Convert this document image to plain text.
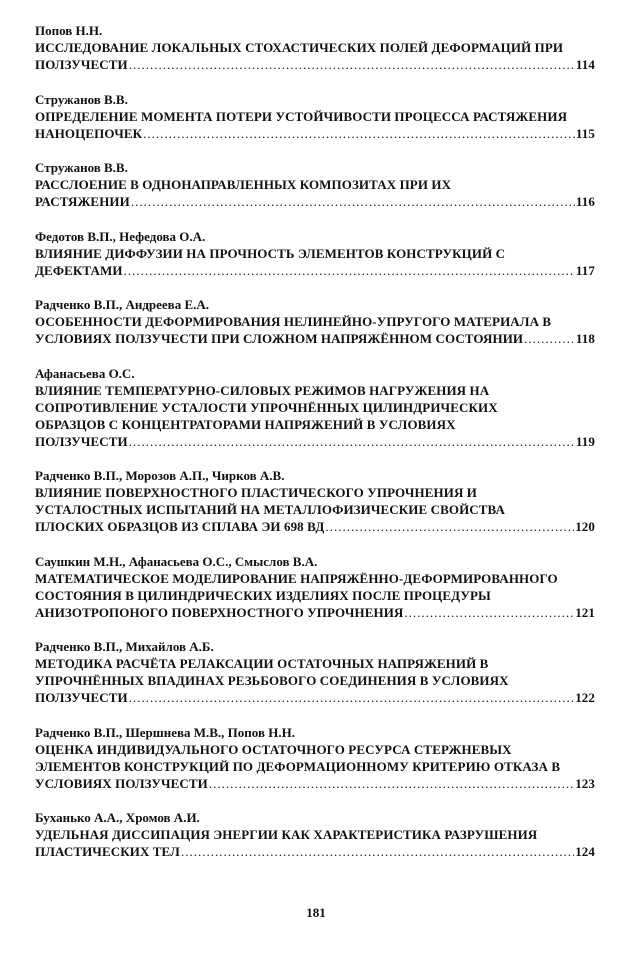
Попов Н.Н.
ИССЛЕДОВАНИЕ ЛОКАЛЬНЫХ СТОХАСТИЧЕСКИХ ПОЛЕЙ ДЕФОРМАЦИЙ ПРИ
ПОЛЗУЧЕСТИ .....	114
Стружанов В.В.
ОПРЕДЕЛЕНИЕ МОМЕНТА ПОТЕРИ УСТОЙЧИВОСТИ ПРОЦЕССА РАСТЯЖЕНИЯ
НАНОЦЕПОЧЕК .....	115
Стружанов В.В.
РАССЛОЕНИЕ В ОДНОНАПРАВЛЕННЫХ КОМПОЗИТАХ ПРИ ИХ
РАСТЯЖЕНИИ .....	116
Федотов В.П., Нефедова О.А.
ВЛИЯНИЕ ДИФФУЗИИ НА ПРОЧНОСТЬ ЭЛЕМЕНТОВ КОНСТРУКЦИЙ С
ДЕФЕКТАМИ .....	117
Радченко В.П., Андреева Е.А.
ОСОБЕННОСТИ ДЕФОРМИРОВАНИЯ НЕЛИНЕЙНО-УПРУГОГО МАТЕРИАЛА В
УСЛОВИЯХ ПОЛЗУЧЕСТИ ПРИ СЛОЖНОМ НАПРЯЖЁННОМ СОСТОЯНИИ .....	118
Афанасьева О.С.
ВЛИЯНИЕ ТЕМПЕРАТУРНО-СИЛОВЫХ РЕЖИМОВ НАГРУЖЕНИЯ НА
СОПРОТИВЛЕНИЕ УСТАЛОСТИ УПРОЧНЁННЫХ ЦИЛИНДРИЧЕСКИХ
ОБРАЗЦОВ С КОНЦЕНТРАТОРАМИ НАПРЯЖЕНИЙ В УСЛОВИЯХ
ПОЛЗУЧЕСТИ .....	119
Радченко В.П., Морозов А.П., Чирков А.В.
ВЛИЯНИЕ ПОВЕРХНОСТНОГО ПЛАСТИЧЕСКОГО УПРОЧНЕНИЯ И
УСТАЛОСТНЫХ ИСПЫТАНИЙ НА МЕТАЛЛОФИЗИЧЕСКИЕ СВОЙСТВА
ПЛОСКИХ ОБРАЗЦОВ ИЗ СПЛАВА ЭИ 698 ВД .....	120
Саушкин М.Н., Афанасьева О.С., Смыслов В.А.
МАТЕМАТИЧЕСКОЕ МОДЕЛИРОВАНИЕ НАПРЯЖЁННО-ДЕФОРМИРОВАННОГО
СОСТОЯНИЯ В ЦИЛИНДРИЧЕСКИХ ИЗДЕЛИЯХ ПОСЛЕ ПРОЦЕДУРЫ
АНИЗОТРОПОНОГО ПОВЕРХНОСТНОГО УПРОЧНЕНИЯ .....	121
Радченко В.П., Михайлов А.Б.
МЕТОДИКА РАСЧЁТА РЕЛАКСАЦИИ ОСТАТОЧНЫХ НАПРЯЖЕНИЙ В
УПРОЧНЁННЫХ ВПАДИНАХ РЕЗЬБОВОГО СОЕДИНЕНИЯ В УСЛОВИЯХ
ПОЛЗУЧЕСТИ .....	122
Радченко В.П., Шершнева М.В., Попов Н.Н.
ОЦЕНКА ИНДИВИДУАЛЬНОГО ОСТАТОЧНОГО РЕСУРСА СТЕРЖНЕВЫХ
ЭЛЕМЕНТОВ КОНСТРУКЦИЙ ПО ДЕФОРМАЦИОННОМУ КРИТЕРИЮ ОТКАЗА В
УСЛОВИЯХ ПОЛЗУЧЕСТИ .....	123
Буханько А.А., Хромов А.И.
УДЕЛЬНАЯ ДИССИПАЦИЯ ЭНЕРГИИ КАК ХАРАКТЕРИСТИКА РАЗРУШЕНИЯ
ПЛАСТИЧЕСКИХ ТЕЛ .....	124
181
